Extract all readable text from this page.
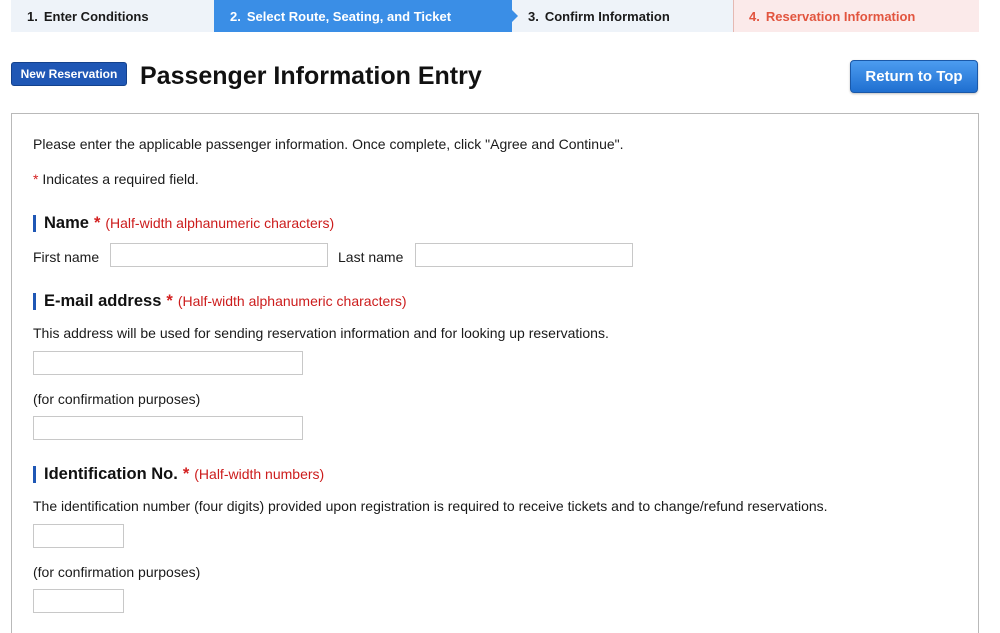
1. Enter Conditions	2. Select Route, Seating, and Ticket	3. Confirm Information	4. Reservation Information
New Reservation Passenger Information Entry	Return to Top
Please enter the applicable passenger information. Once complete, click "Agree and Continue".
* Indicates a required field.
Name * (Half-width alphanumeric characters)
First name	Last name
E-mail address * (Half-width alphanumeric characters)
This address will be used for sending reservation information and for looking up reservations.
(for confirmation purposes)
Identification No. * (Half-width numbers)
The identification number (four digits) provided upon registration is required to receive tickets and to change/refund reservations.
(for confirmation purposes)
